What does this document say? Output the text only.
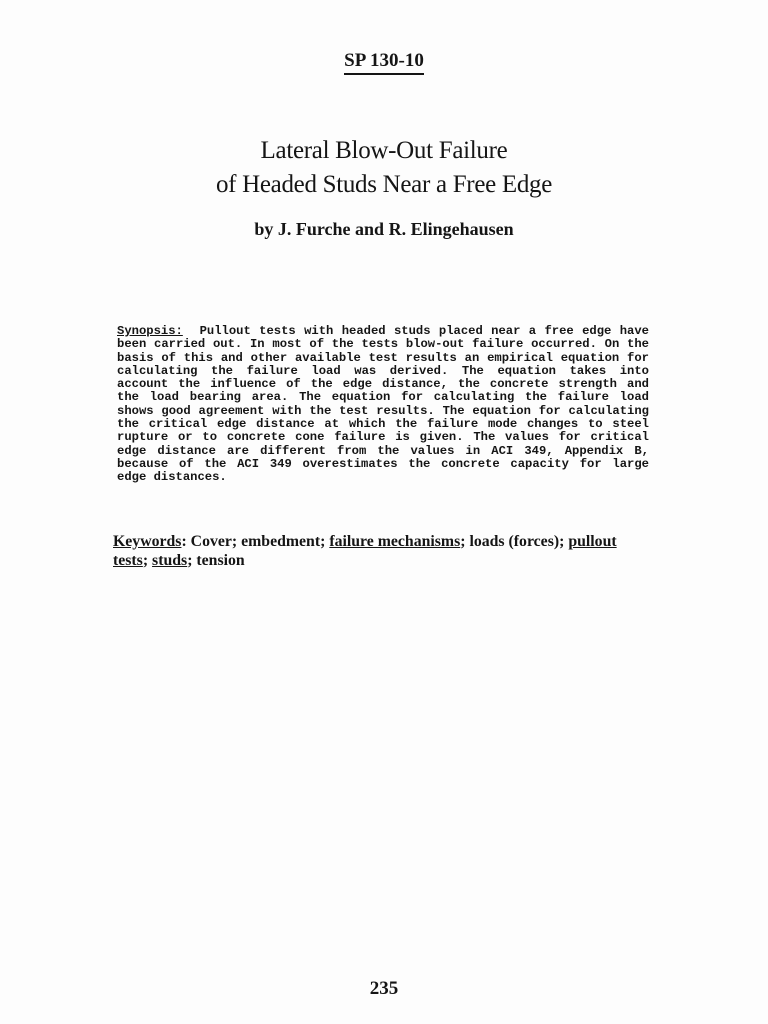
SP 130-10
Lateral Blow-Out Failure
of Headed Studs Near a Free Edge
by J. Furche and R. Elingehausen
Synopsis: Pullout tests with headed studs placed near a free edge have been carried out. In most of the tests blow-out failure occurred. On the basis of this and other available test results an empirical equation for calculating the failure load was derived. The equation takes into account the influence of the edge distance, the concrete strength and the load bearing area. The equation for calculating the failure load shows good agreement with the test results. The equation for calculating the critical edge distance at which the failure mode changes to steel rupture or to concrete cone failure is given. The values for critical edge distance are different from the values in ACI 349, Appendix B, because of the ACI 349 overestimates the concrete capacity for large edge distances.
Keywords: Cover; embedment; failure mechanisms; loads (forces); pullout tests; studs; tension
235
